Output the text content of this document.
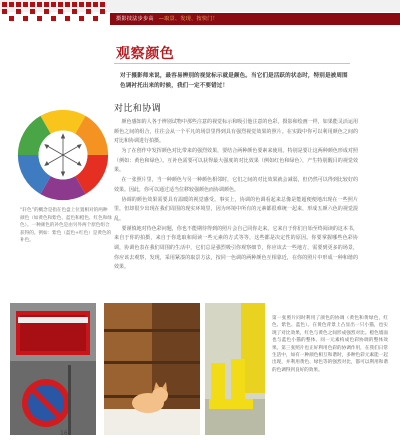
摄影技法步步高 —取景、发现、按快门！
观察颜色
对于摄影师来说，最容易辨别的视觉标示就是颜色。当它们是活跃的状态时，特别是被周围色调衬托出来的时候，我们一定不要错过！
对比和协调

颜色感知的人各于辨别试物中那些注意的视觉标示和吸引他注意的色彩。摄影和绘画一样，如果能灵活运用颜色之间的组合，往往会从一个平凡的场景里得到具有强烈视觉效果的照片。在实践中你可以利用颜色之间的对比和协调进行拍摄。

为了在创作中发挥颜色对比带来的强烈效果，要结合两种颜色要素来使用。特别是要让这两种颜色形成对照（例如：黄色和绿色）。互补色需要可以获得最大强度的对比效果（例如红色和绿色），产生特别醒目的视觉效果。

在一张照片里，当一种颜色与另一种颜色相邻时，它们之间的对比效果就会减弱，但仍然可以得到比较好的效果。因此，你可以通过适当位移较强颜色而协调颜色。

协调的颜色效果需要具有温暖的视觉感受。事实上，协调的色调看起来总像是能超便便地出现在一些照片里，但却很少出现在我们周围的现实环境里，因为环境中所有的元素都很难统一起来，形成五颜六色的视觉混乱。

要谨慎地对待色彩问题，你也不能期待得到的照片会自己同你走来。它来自于你们自始至终阅读的这本书，来自于你的拍摄，来自于你选取和阅读一些元素的方式等等，这些都是决定性的原因。你要掌握哪些色彩协调，协调色表在我们周围的生活中，它们总是强烈吸引你观察细节，你应该去一些地方，需要到更多的场景，你应该去观察，发现，采用紧凑的取景方法，按同一色调的两种颜色互相靠近，在你的照片中形成一种和谐的效果。

“轩色”的概念是指在色盘上位置相对的两种颜色（如黄色和紫色、蓝色和橙色、红色和绿色）。一种颜色的补色是由另外两个原色组合获得的。例如：紫色（蓝色+红色）是黄色的补色。
第一张照片同时利用了颜色的协调（黄色和黄绿色，红色、紫色、蓝色）。在黄色背景上凸显出一只小猫，也实现了对比效果，红色与黄色之间形成强烈对比。橙色墙面也与蓝色小猫的整体、同一元素构成色彩协调的整体效果。第三张照片也正好利用色彩的协调作用，在我们日常生活中，如有一种颜色相互和谐时，多种色彩元素能一起出现，并利用黄色、绿色等的强烈对比，都可以利用和谐的色调得到良好的效果。
16
